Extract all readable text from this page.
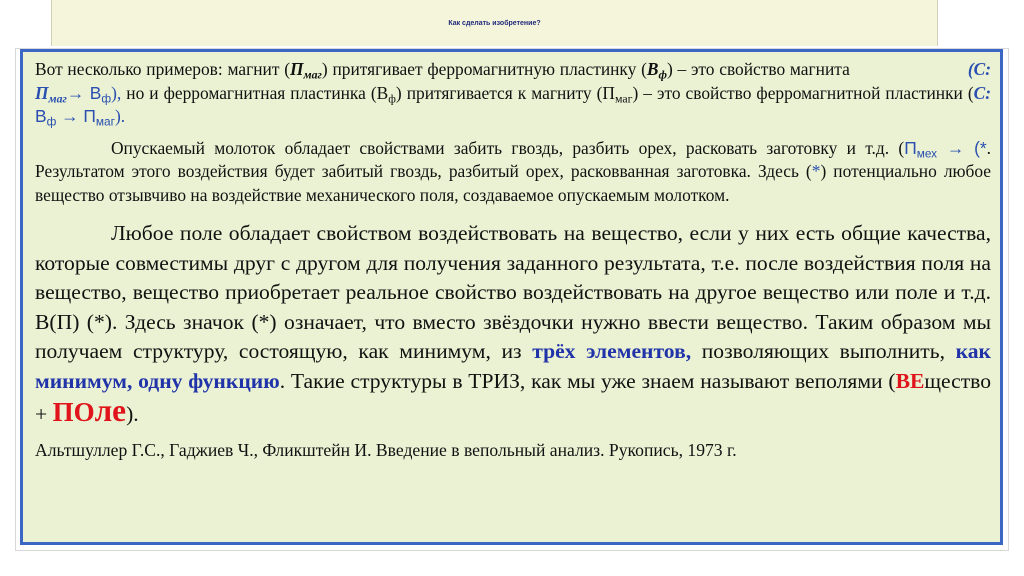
Как сделать изобретение?

Вот несколько примеров: магнит $(П_{маг})$ притягивает ферромагнитную пластинку $(В_ф)$ – это свойство магнита	(С: $П_{маг}\to В_ф$), но и ферромагнитная пластинка $(В_ф)$ притягивается к магниту $(П_{маг})$ – это свойство ферромагнитной пластинки (С: $В_ф \to П_{маг}$).

Опускаемый молоток обладает свойствами забить гвоздь, разбить орех, расковать заготовку и т.д. ($П_{мех}$ → (*. Результатом этого воздействия будет забитый гвоздь, разбитый орех, расковванная заготовка. Здесь (*) потенциально любое вещество отзывчиво на воздействие механического поля, создаваемое опускаемым молотком.

Любое поле обладает свойством воздействовать на вещество, если у них есть общие качества, которые совместимы друг с другом для получения заданного результата, т.е. после воздействия поля на вещество, вещество приобретает реальное свойство воздействовать на другое вещество или поле и т.д. В(П) (*). Здесь значок (*) означает, что вместо звёздочки нужно ввести вещество. Таким образом мы получаем структуру, состоящую, как минимум, из трёх элементов, позволяющих выполнить, как минимум, одну функцию. Такие структуры в ТРИЗ, как мы уже знаем называют веполями (ВЕщество + ПОле).

Альтшуллер Г.С., Гаджиев Ч., Фликштейн И. Введение в вепольный анализ. Рукопись, 1973 г.
